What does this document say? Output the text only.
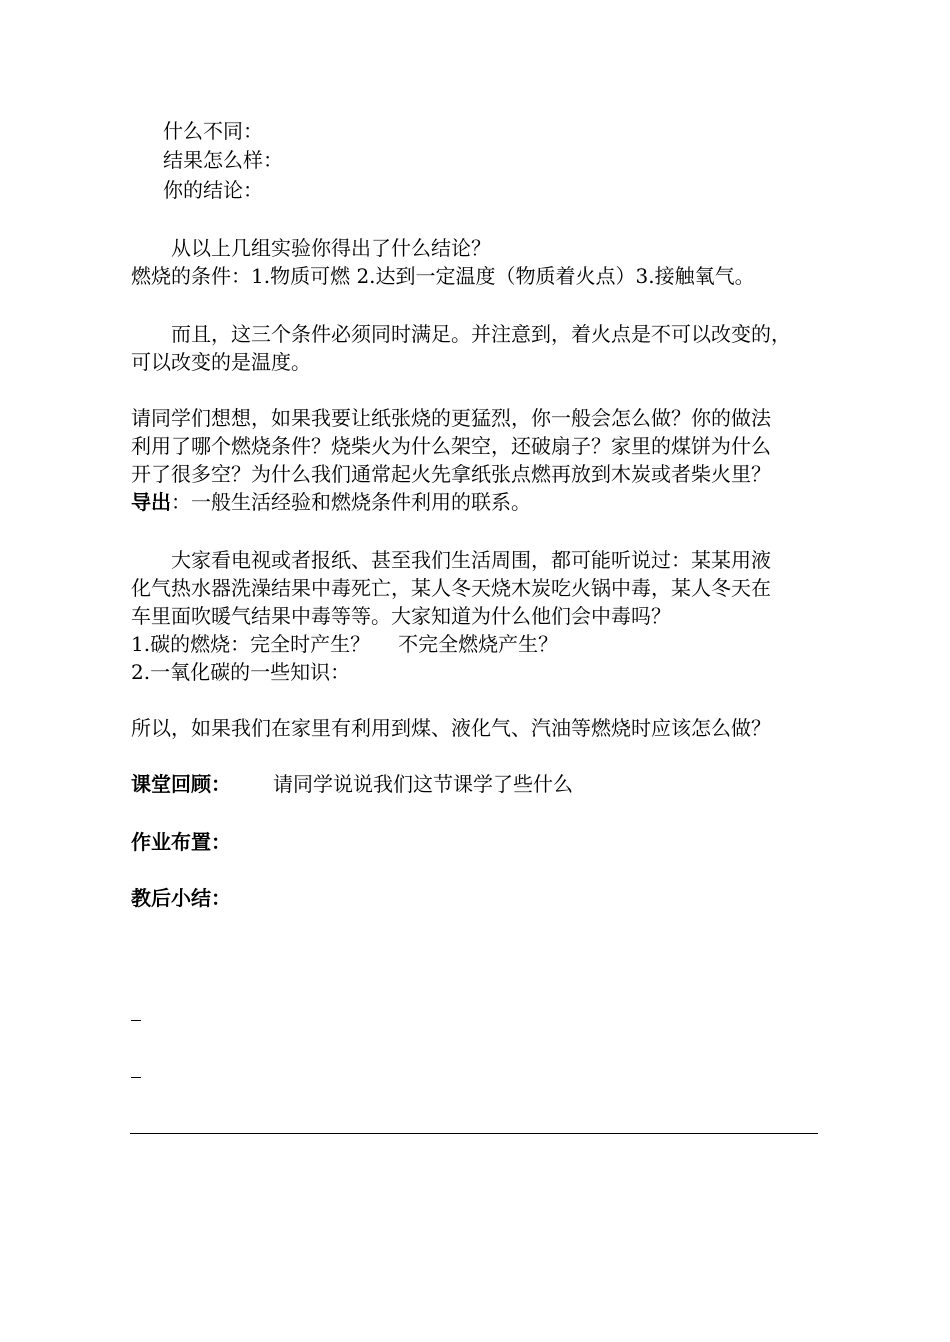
什么不同：
结果怎么样：
你的结论：
从以上几组实验你得出了什么结论？
燃烧的条件：1.物质可燃 2.达到一定温度（物质着火点）3.接触氧气。
而且，这三个条件必须同时满足。并注意到，着火点是不可以改变的，
可以改变的是温度。
请同学们想想，如果我要让纸张烧的更猛烈，你一般会怎么做？你的做法
利用了哪个燃烧条件？烧柴火为什么架空，还破扇子？家里的煤饼为什么
开了很多空？为什么我们通常起火先拿纸张点燃再放到木炭或者柴火里？
导出：一般生活经验和燃烧条件利用的联系。
大家看电视或者报纸、甚至我们生活周围，都可能听说过：某某用液
化气热水器洗澡结果中毒死亡，某人冬天烧木炭吃火锅中毒，某人冬天在
车里面吹暖气结果中毒等等。大家知道为什么他们会中毒吗？
1.碳的燃烧：完全时产生？ 不完全燃烧产生？
2.一氧化碳的一些知识：
所以，如果我们在家里有利用到煤、液化气、汽油等燃烧时应该怎么做？
课堂回顾： 请同学说说我们这节课学了些什么
作业布置：
教后小结：
